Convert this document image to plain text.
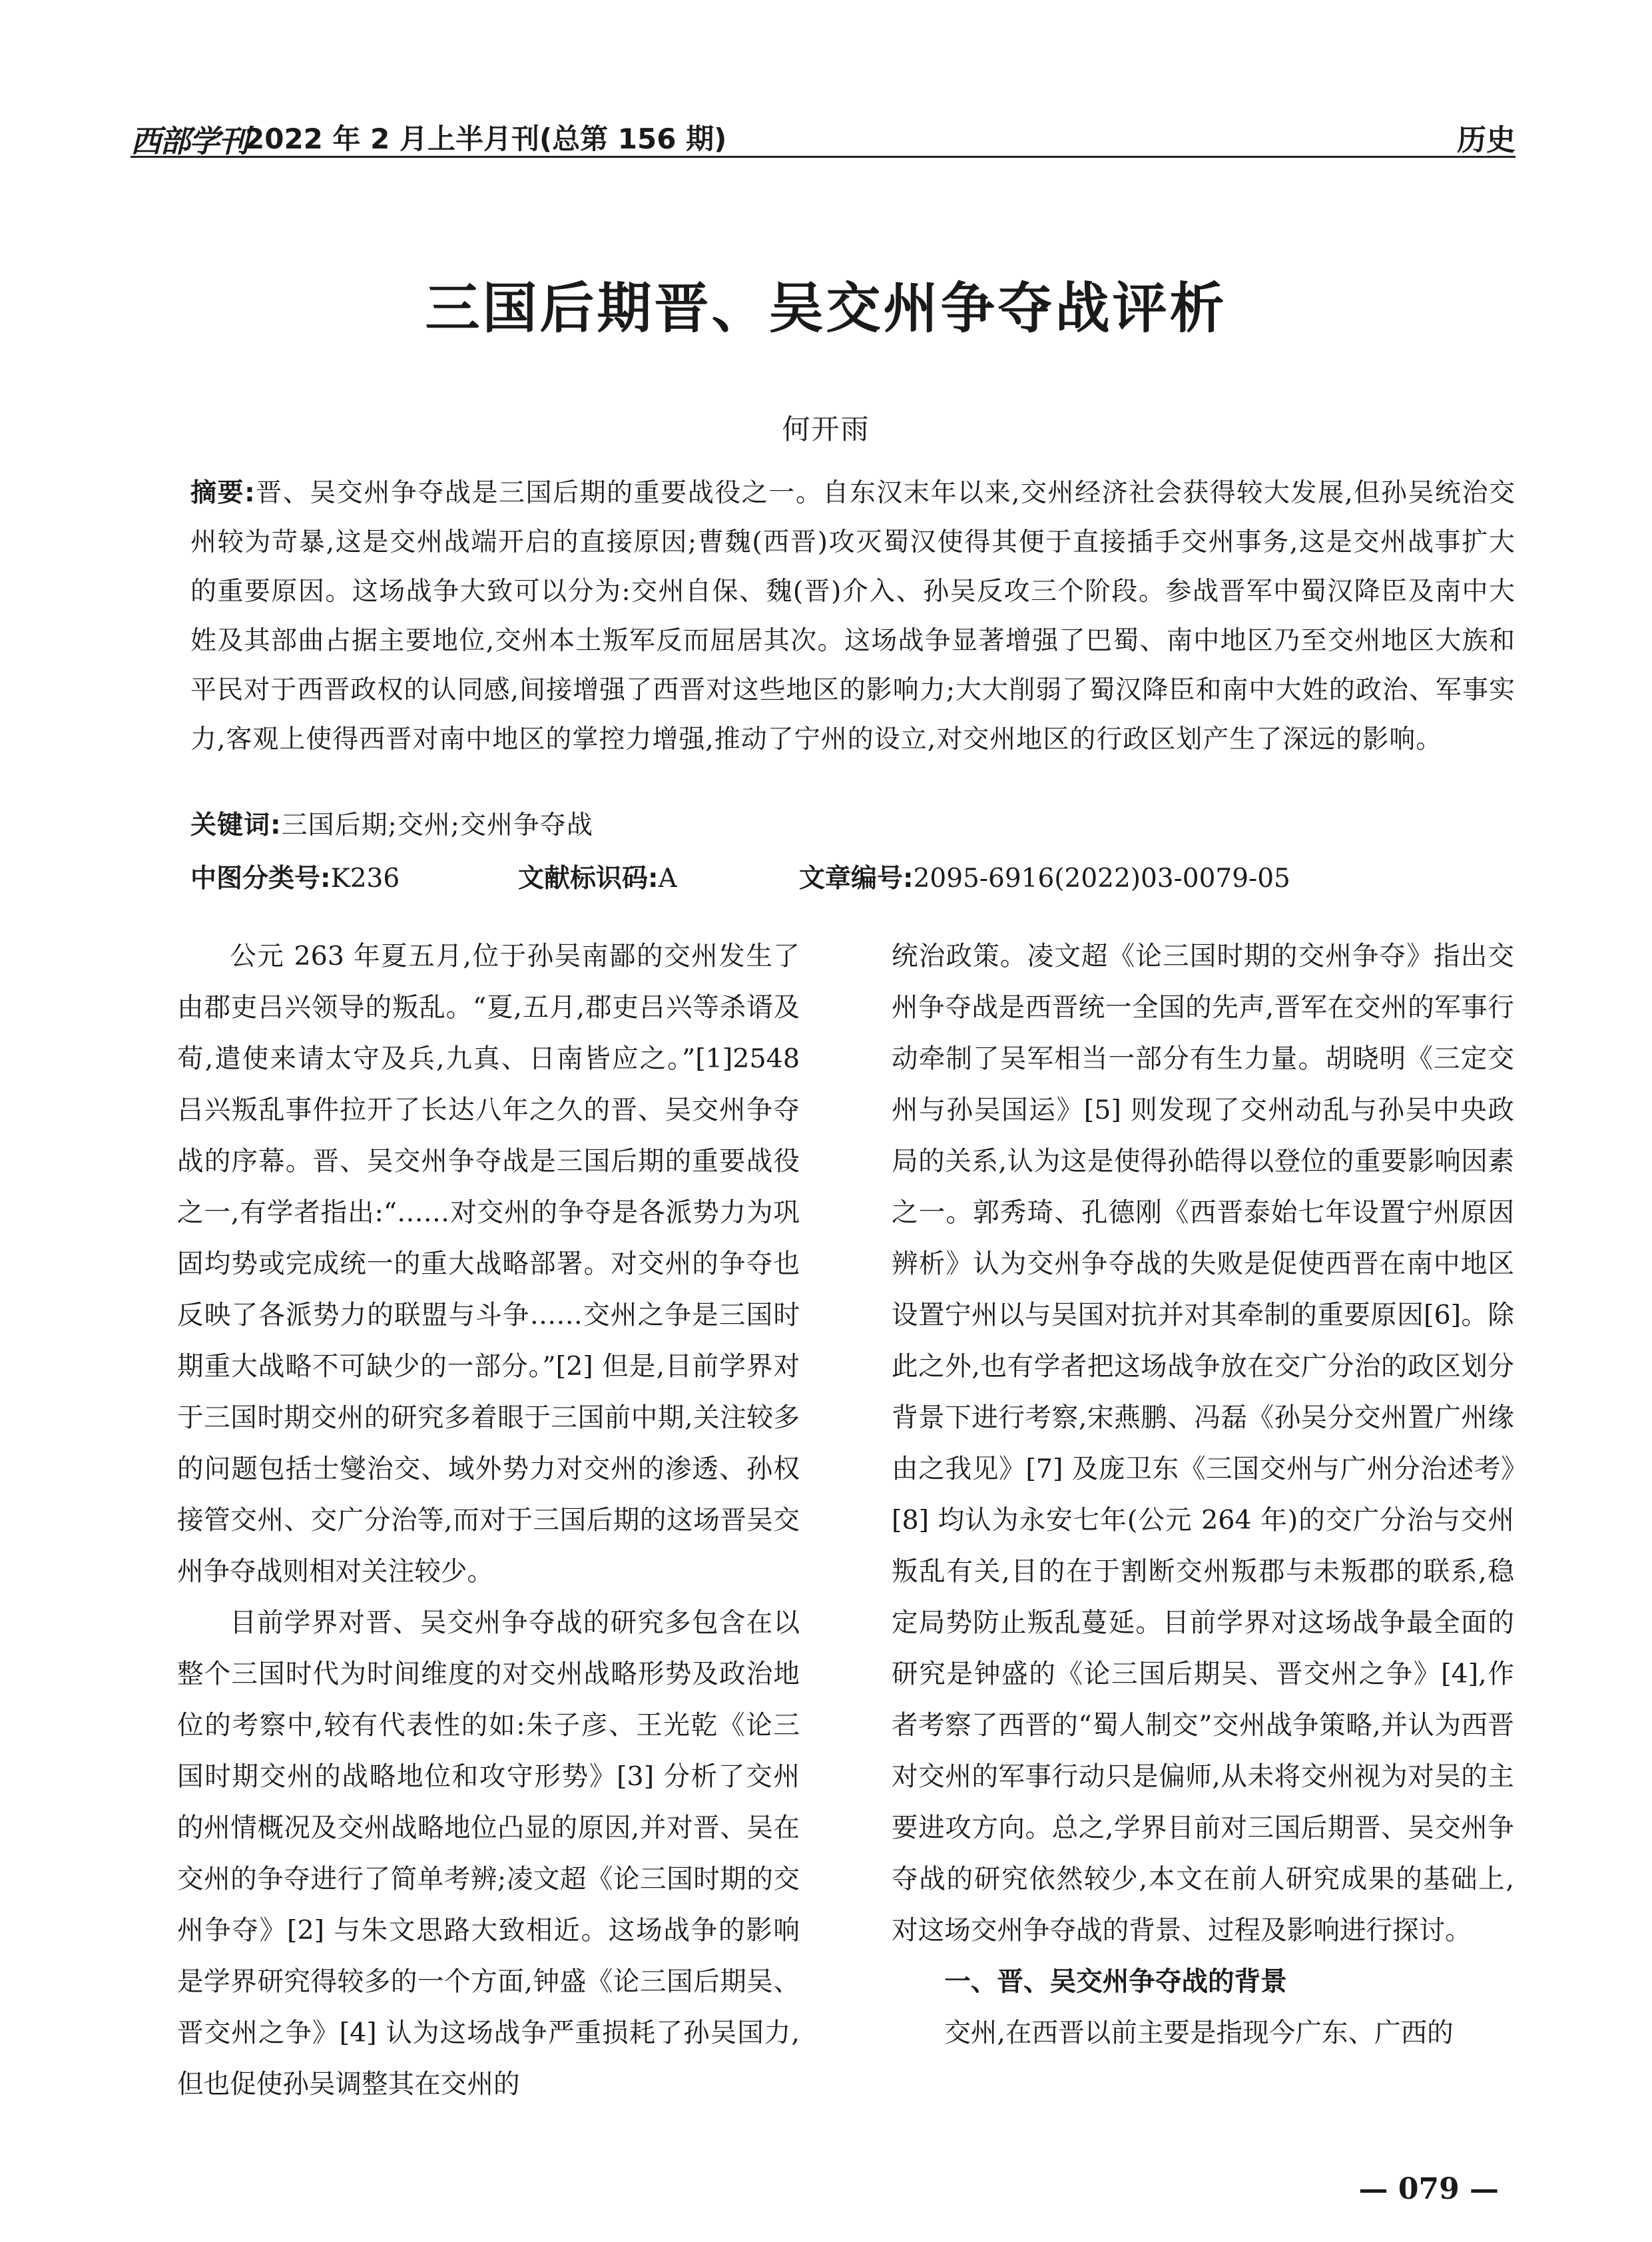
西部学刊
2022 年 2 月上半月刊(总第 156 期)	历史
三国后期晋、吴交州争夺战评析
何开雨
摘要:晋、吴交州争夺战是三国后期的重要战役之一。自东汉末年以来,交州经济社会获得较大发展,但孙吴统治交州较为苛暴,这是交州战端开启的直接原因;曹魏(西晋)攻灭蜀汉使得其便于直接插手交州事务,这是交州战事扩大的重要原因。这场战争大致可以分为:交州自保、魏(晋)介入、孙吴反攻三个阶段。参战晋军中蜀汉降臣及南中大姓及其部曲占据主要地位,交州本土叛军反而屈居其次。这场战争显著增强了巴蜀、南中地区乃至交州地区大族和平民对于西晋政权的认同感,间接增强了西晋对这些地区的影响力;大大削弱了蜀汉降臣和南中大姓的政治、军事实力,客观上使得西晋对南中地区的掌控力增强,推动了宁州的设立,对交州地区的行政区划产生了深远的影响。
关键词:三国后期;交州;交州争夺战
中图分类号:K236	文献标识码:A	文章编号:2095-6916(2022)03-0079-05

公元 263 年夏五月,位于孙吴南鄙的交州发生了由郡吏吕兴领导的叛乱。“夏,五月,郡吏吕兴等杀谞及荀,遣使来请太守及兵,九真、日南皆应之。”[1]2548 吕兴叛乱事件拉开了长达八年之久的晋、吴交州争夺战的序幕。晋、吴交州争夺战是三国后期的重要战役之一,有学者指出:“……对交州的争夺是各派势力为巩固均势或完成统一的重大战略部署。对交州的争夺也反映了各派势力的联盟与斗争……交州之争是三国时期重大战略不可缺少的一部分。”[2] 但是,目前学界对于三国时期交州的研究多着眼于三国前中期,关注较多的问题包括士燮治交、域外势力对交州的渗透、孙权接管交州、交广分治等,而对于三国后期的这场晋吴交州争夺战则相对关注较少。

目前学界对晋、吴交州争夺战的研究多包含在以整个三国时代为时间维度的对交州战略形势及政治地位的考察中,较有代表性的如:朱子彦、王光乾《论三国时期交州的战略地位和攻守形势》[3] 分析了交州的州情概况及交州战略地位凸显的原因,并对晋、吴在交州的争夺进行了简单考辨;凌文超《论三国时期的交州争夺》[2] 与朱文思路大致相近。这场战争的影响是学界研究得较多的一个方面,钟盛《论三国后期吴、晋交州之争》[4] 认为这场战争严重损耗了孙吴国力,但也促使孙吴调整其在交州的

统治政策。凌文超《论三国时期的交州争夺》指出交州争夺战是西晋统一全国的先声,晋军在交州的军事行动牵制了吴军相当一部分有生力量。胡晓明《三定交州与孙吴国运》[5] 则发现了交州动乱与孙吴中央政局的关系,认为这是使得孙皓得以登位的重要影响因素之一。郭秀琦、孔德刚《西晋泰始七年设置宁州原因辨析》认为交州争夺战的失败是促使西晋在南中地区设置宁州以与吴国对抗并对其牵制的重要原因[6]。除此之外,也有学者把这场战争放在交广分治的政区划分背景下进行考察,宋燕鹏、冯磊《孙吴分交州置广州缘由之我见》[7] 及庞卫东《三国交州与广州分治述考》[8] 均认为永安七年(公元 264 年)的交广分治与交州叛乱有关,目的在于割断交州叛郡与未叛郡的联系,稳定局势防止叛乱蔓延。目前学界对这场战争最全面的研究是钟盛的《论三国后期吴、晋交州之争》[4],作者考察了西晋的“蜀人制交”交州战争策略,并认为西晋对交州的军事行动只是偏师,从未将交州视为对吴的主要进攻方向。总之,学界目前对三国后期晋、吴交州争夺战的研究依然较少,本文在前人研究成果的基础上,对这场交州争夺战的背景、过程及影响进行探讨。

一、晋、吴交州争夺战的背景

交州,在西晋以前主要是指现今广东、广西的

— 079 —
